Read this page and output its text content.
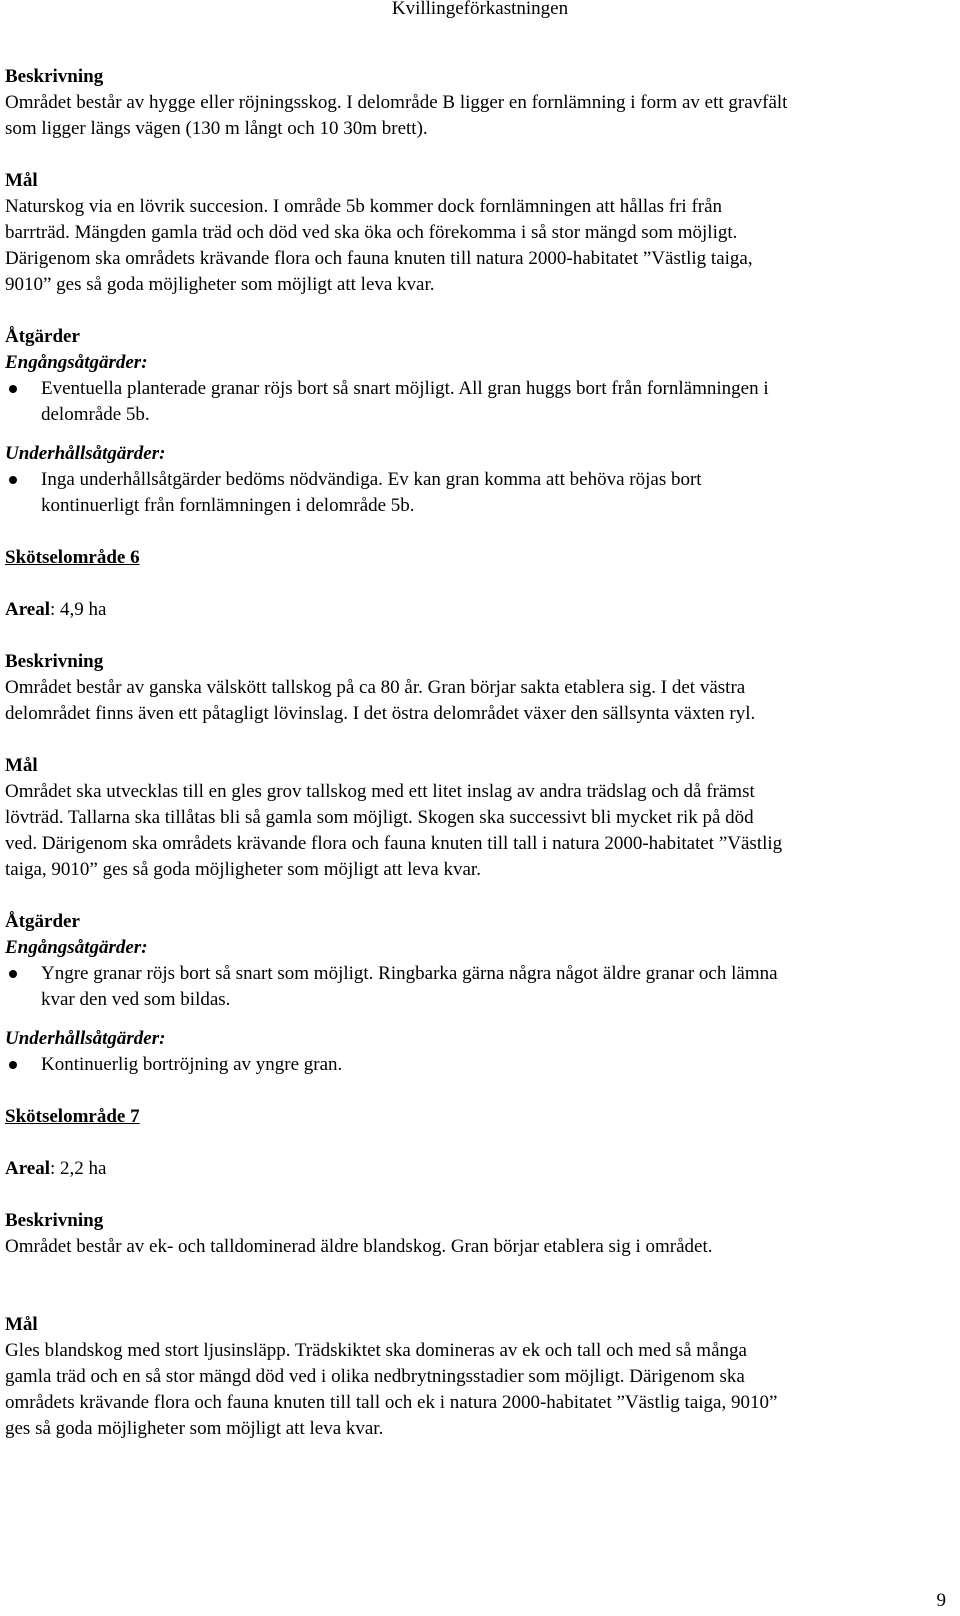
Kvillingeförkastningen

Beskrivning

Området består av hygge eller röjningsskog. I delområde B ligger en fornlämning i form av ett gravfält

som ligger längs vägen (130 m långt och 10 30m brett).

Mål

Naturskog via en lövrik succesion. I område 5b kommer dock fornlämningen att hållas fri från

barrträd. Mängden gamla träd och död ved ska öka och förekomma i så stor mängd som möjligt.

Därigenom ska områdets krävande flora och fauna knuten till natura 2000-habitatet ”Västlig taiga,

9010” ges så goda möjligheter som möjligt att leva kvar.

Åtgärder

Engångsåtgärder:

Eventuella planterade granar röjs bort så snart möjligt. All gran huggs bort från fornlämningen i
delområde 5b.

Underhållsåtgärder:

Inga underhållsåtgärder bedöms nödvändiga. Ev kan gran komma att behöva röjas bort
kontinuerligt från fornlämningen i delområde 5b.

Skötselområde 6

Areal: 4,9 ha

Beskrivning

Området består av ganska välskött tallskog på ca 80 år. Gran börjar sakta etablera sig. I det västra

delområdet finns även ett påtagligt lövinslag. I det östra delområdet växer den sällsynta växten ryl.

Mål

Området ska utvecklas till en gles grov tallskog med ett litet inslag av andra trädslag och då främst

lövträd. Tallarna ska tillåtas bli så gamla som möjligt. Skogen ska successivt bli mycket rik på död

ved. Därigenom ska områdets krävande flora och fauna knuten till tall i natura 2000-habitatet ”Västlig

taiga, 9010” ges så goda möjligheter som möjligt att leva kvar.

Åtgärder

Engångsåtgärder:

Yngre granar röjs bort så snart som möjligt. Ringbarka gärna några något äldre granar och lämna
kvar den ved som bildas.

Underhållsåtgärder:

Kontinuerlig bortröjning av yngre gran.

Skötselområde 7

Areal: 2,2 ha

Beskrivning

Området består av ek- och talldominerad äldre blandskog. Gran börjar etablera sig i området.

Mål

Gles blandskog med stort ljusinsläpp. Trädskiktet ska domineras av ek och tall och med så många

gamla träd och en så stor mängd död ved i olika nedbrytningsstadier som möjligt. Därigenom ska

områdets krävande flora och fauna knuten till tall och ek i natura 2000-habitatet ”Västlig taiga, 9010”

ges så goda möjligheter som möjligt att leva kvar.

9
